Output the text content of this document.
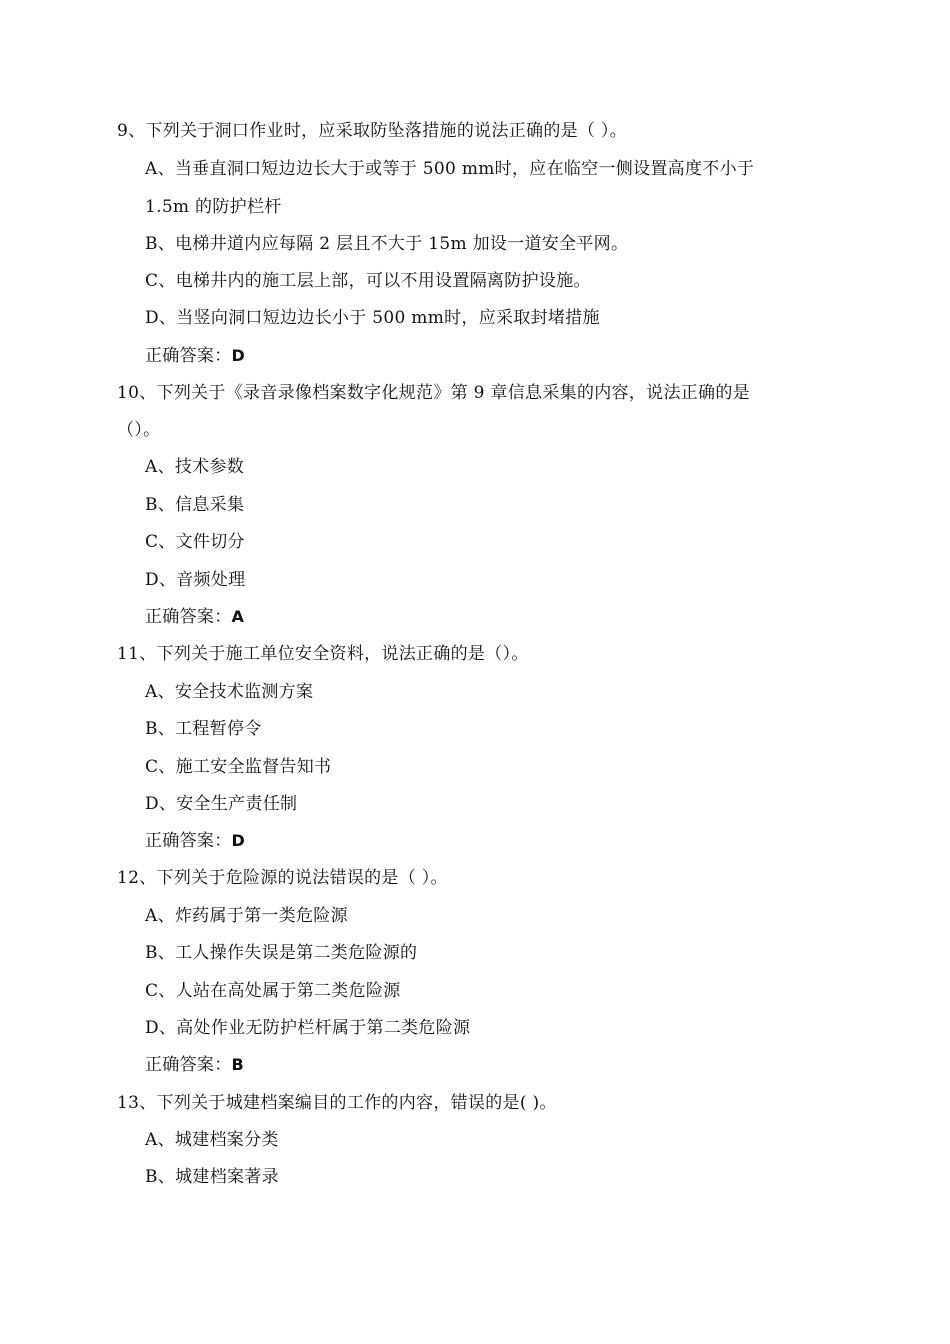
9、下列关于洞口作业时，应采取防坠落措施的说法正确的是（ ）。
A、当垂直洞口短边边长大于或等于 500 mm时，应在临空一侧设置高度不小于
1.5m 的防护栏杆
B、电梯井道内应每隔 2 层且不大于 15m 加设一道安全平网。
C、电梯井内的施工层上部，可以不用设置隔离防护设施。
D、当竖向洞口短边边长小于 500 mm时，应采取封堵措施
正确答案：D
10、下列关于《录音录像档案数字化规范》第 9 章信息采集的内容，说法正确的是
（）。
A、技术参数
B、信息采集
C、文件切分
D、音频处理
正确答案：A
11、下列关于施工单位安全资料，说法正确的是（）。
A、安全技术监测方案
B、工程暂停令
C、施工安全监督告知书
D、安全生产责任制
正确答案：D
12、下列关于危险源的说法错误的是（ ）。
A、炸药属于第一类危险源
B、工人操作失误是第二类危险源的
C、人站在高处属于第二类危险源
D、高处作业无防护栏杆属于第二类危险源
正确答案：B
13、下列关于城建档案编目的工作的内容，错误的是( )。
A、城建档案分类
B、城建档案著录
